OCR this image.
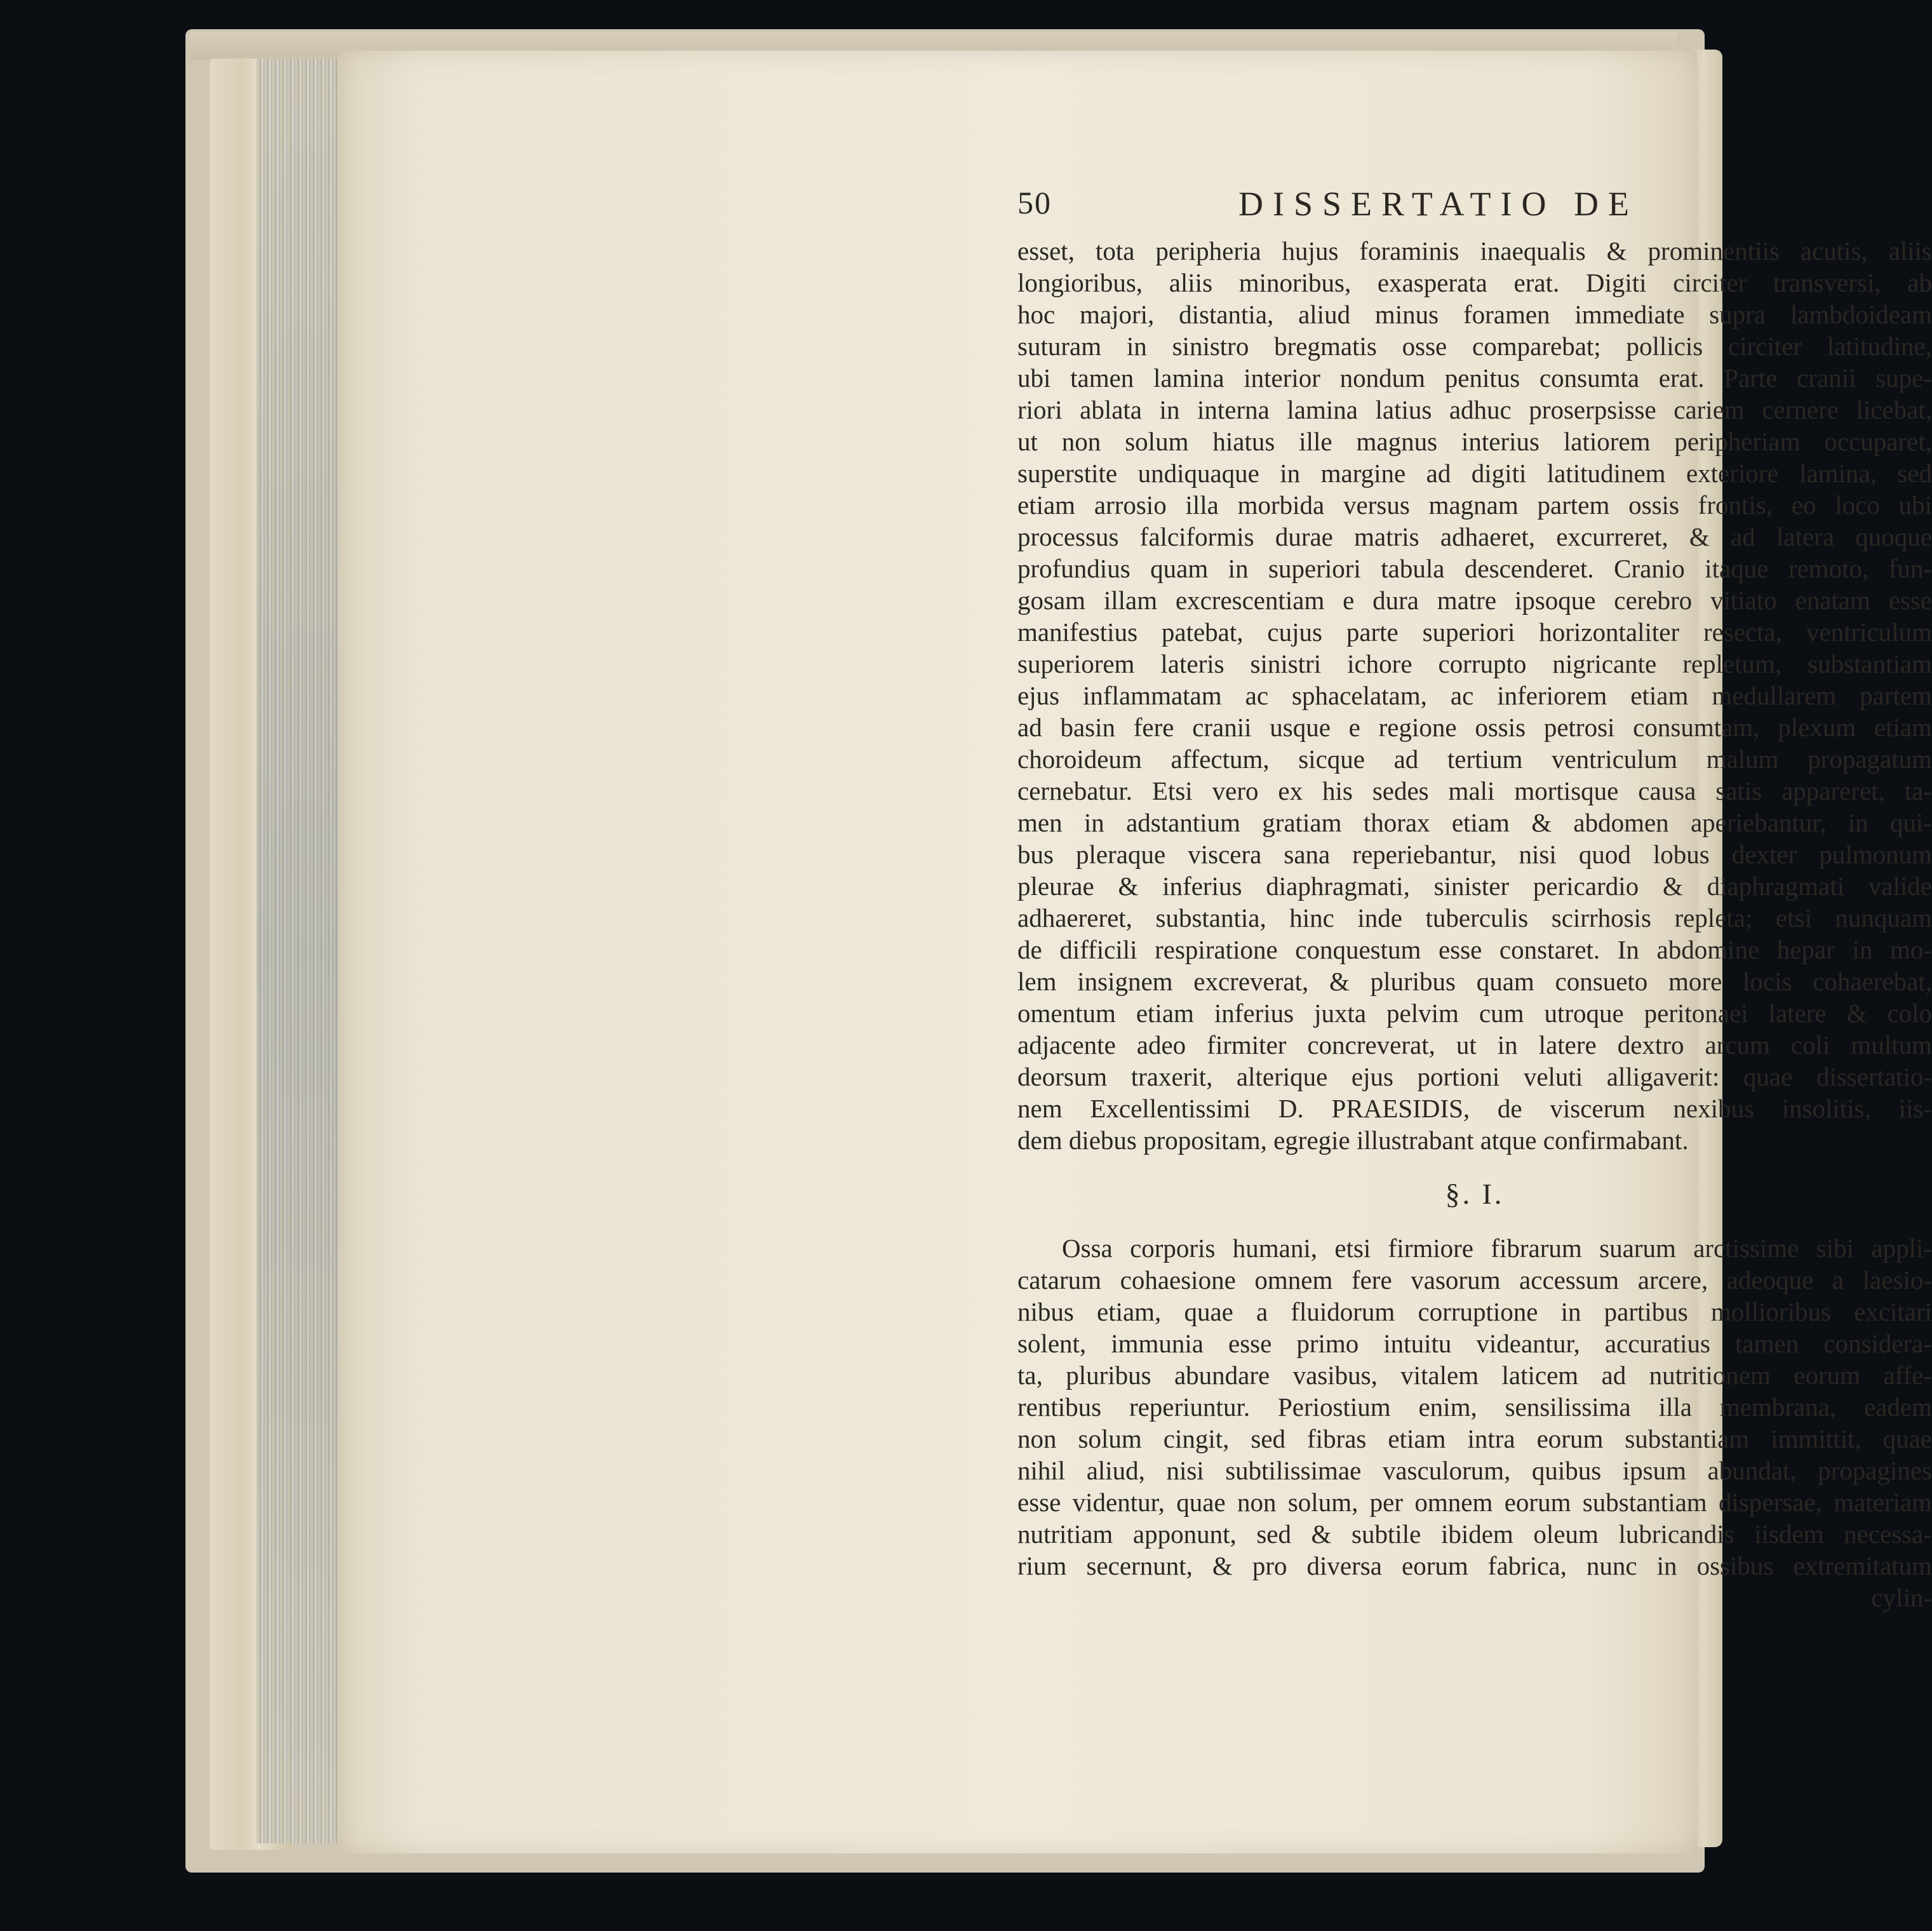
50	DISSERTATIO DE
esset, tota peripheria hujus foraminis inaequalis & prominentiis acutis, aliis
longioribus, aliis minoribus, exasperata erat. Digiti circiter transversi, ab
hoc majori, distantia, aliud minus foramen immediate supra lambdoideam
suturam in sinistro bregmatis osse comparebat; pollicis circiter latitudine,
ubi tamen lamina interior nondum penitus consumta erat. Parte cranii supe-
riori ablata in interna lamina latius adhuc proserpsisse cariem cernere licebat,
ut non solum hiatus ille magnus interius latiorem peripheriam occuparet,
superstite undiquaque in margine ad digiti latitudinem exteriore lamina, sed
etiam arrosio illa morbida versus magnam partem ossis frontis, eo loco ubi
processus falciformis durae matris adhaeret, excurreret, & ad latera quoque
profundius quam in superiori tabula descenderet. Cranio itaque remoto, fun-
gosam illam excrescentiam e dura matre ipsoque cerebro vitiato enatam esse
manifestius patebat, cujus parte superiori horizontaliter resecta, ventriculum
superiorem lateris sinistri ichore corrupto nigricante repletum, substantiam
ejus inflammatam ac sphacelatam, ac inferiorem etiam medullarem partem
ad basin fere cranii usque e regione ossis petrosi consumtam, plexum etiam
choroideum affectum, sicque ad tertium ventriculum malum propagatum
cernebatur. Etsi vero ex his sedes mali mortisque causa satis appareret, ta-
men in adstantium gratiam thorax etiam & abdomen aperiebantur, in qui-
bus pleraque viscera sana reperiebantur, nisi quod lobus dexter pulmonum
pleurae & inferius diaphragmati, sinister pericardio & diaphragmati valide
adhaereret, substantia, hinc inde tuberculis scirrhosis repleta; etsi nunquam
de difficili respiratione conquestum esse constaret. In abdomine hepar in mo-
lem insignem excreverat, & pluribus quam consueto more locis cohaerebat,
omentum etiam inferius juxta pelvim cum utroque peritonaei latere & colo
adjacente adeo firmiter concreverat, ut in latere dextro arcum coli multum
deorsum traxerit, alterique ejus portioni veluti alligaverit: quae dissertatio-
nem Excellentissimi D. PRAESIDIS, de viscerum nexibus insolitis, iis-
dem diebus propositam, egregie illustrabant atque confirmabant.
§. I.
Ossa corporis humani, etsi firmiore fibrarum suarum arctissime sibi appli-
catarum cohaesione omnem fere vasorum accessum arcere, adeoque a laesio-
nibus etiam, quae a fluidorum corruptione in partibus mollioribus excitari
solent, immunia esse primo intuitu videantur, accuratius tamen considera-
ta, pluribus abundare vasibus, vitalem laticem ad nutritionem eorum affe-
rentibus reperiuntur. Periostium enim, sensilissima illa membrana, eadem
non solum cingit, sed fibras etiam intra eorum substantiam immittit, quae
nihil aliud, nisi subtilissimae vasculorum, quibus ipsum abundat, propagines
esse videntur, quae non solum, per omnem eorum substantiam dispersae, materiam
nutritiam apponunt, sed & subtile ibidem oleum lubricandis iisdem necessa-
rium secernunt, & pro diversa eorum fabrica, nunc in ossibus extremitatum
cylin-
